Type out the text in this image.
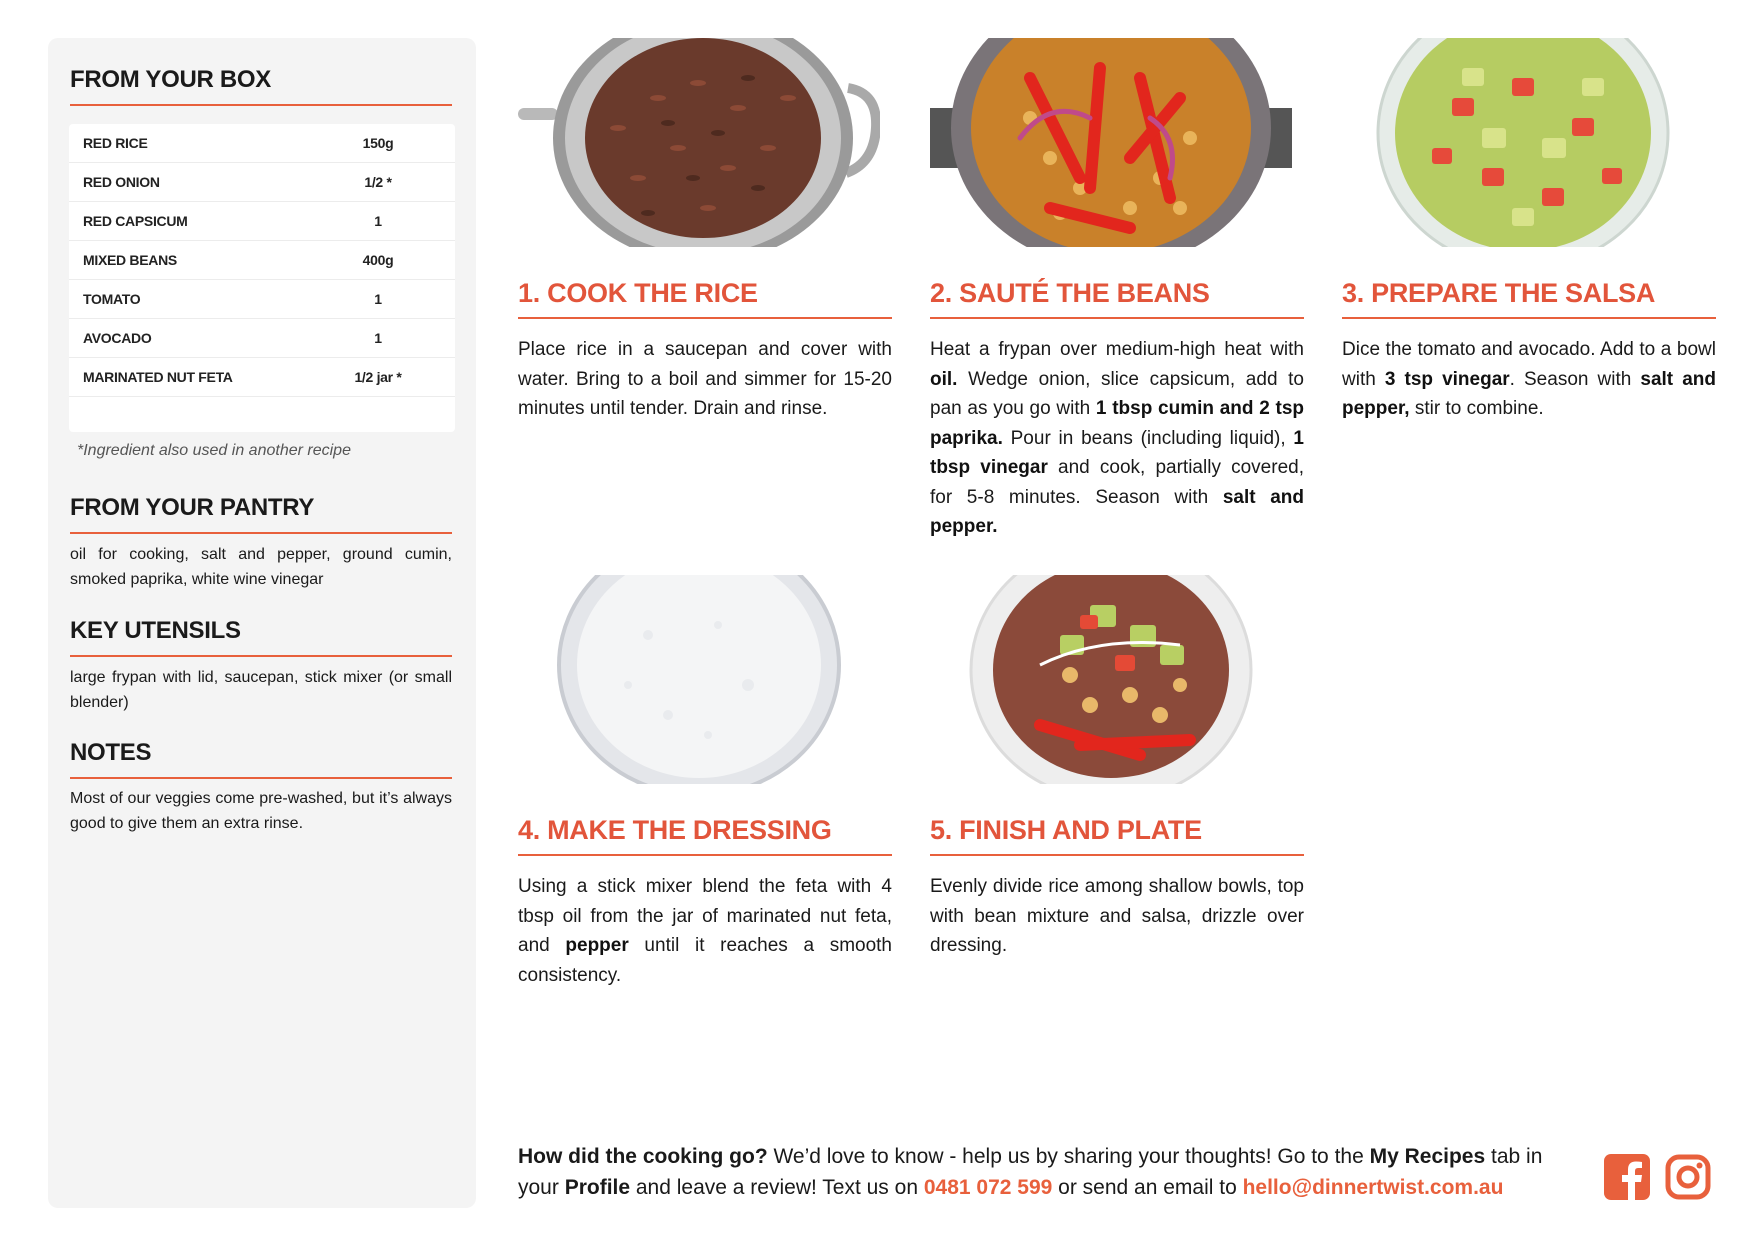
FROM YOUR BOX
RED RICE	150g
RED ONION	1/2 *
RED CAPSICUM	1
MIXED BEANS	400g
TOMATO	1
AVOCADO	1
MARINATED NUT FETA	1/2 jar *
*Ingredient also used in another recipe
FROM YOUR PANTRY

oil for cooking, salt and pepper, ground cumin, smoked paprika, white wine vinegar

KEY UTENSILS

large frypan with lid, saucepan, stick mixer (or small blender)

NOTES

Most of our veggies come pre-washed, but it’s always good to give them an extra rinse.

1. COOK THE RICE	2. SAUTÉ THE BEANS	3. PREPARE THE SALSA
4. MAKE THE DRESSING	5. FINISH AND PLATE

Place rice in a saucepan and cover with water. Bring to a boil and simmer for 15-20 minutes until tender. Drain and rinse.

Heat a frypan over medium-high heat with oil. Wedge onion, slice capsicum, add to pan as you go with 1 tbsp cumin and 2 tsp paprika. Pour in beans (including liquid), 1 tbsp vinegar and cook, partially covered, for 5-8 minutes. Season with salt and pepper.

Dice the tomato and avocado. Add to a bowl with 3 tsp vinegar. Season with salt and pepper, stir to combine.

Using a stick mixer blend the feta with 4 tbsp oil from the jar of marinated nut feta, and pepper until it reaches a smooth consistency.

Evenly divide rice among shallow bowls, top with bean mixture and salsa, drizzle over dressing.

How did the cooking go? We’d love to know - help us by sharing your thoughts! Go to the My Recipes tab in your Profile and leave a review! Text us on 0481 072 599 or send an email to hello@dinnertwist.com.au
